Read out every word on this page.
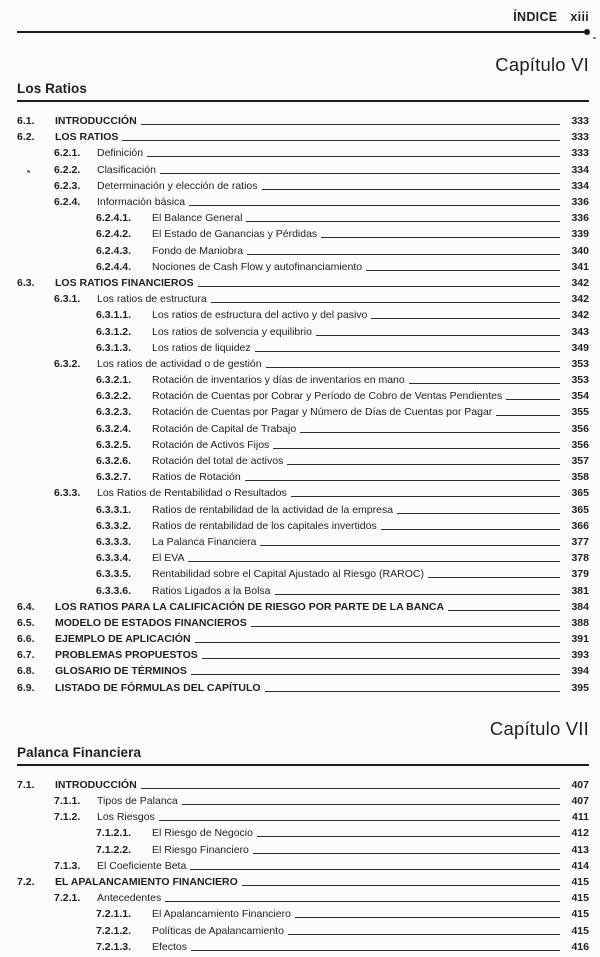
ÍNDICE xiii
Capítulo VI
Los Ratios
6.1.	INTRODUCCIÓN	333
6.2.	LOS RATIOS	333
6.2.1.	Definición	333
6.2.2.	Clasificación	334
6.2.3.	Determinación y elección de ratios	334
6.2.4.	Información básica	336
6.2.4.1.	El Balance General	336
6.2.4.2.	El Estado de Ganancias y Pérdidas	339
6.2.4.3.	Fondo de Maniobra	340
6.2.4.4.	Nociones de Cash Flow y autofinanciamiento	341
6.3.	LOS RATIOS FINANCIEROS	342
6.3.1.	Los ratios de estructura	342
6.3.1.1.	Los ratios de estructura del activo y del pasivo	342
6.3.1.2.	Los ratios de solvencia y equilibrio	343
6.3.1.3.	Los ratios de liquidez	349
6.3.2.	Los ratios de actividad o de gestión	353
6.3.2.1.	Rotación de inventarios y días de inventarios en mano	353
6.3.2.2.	Rotación de Cuentas por Cobrar y Período de Cobro de Ventas Pendientes	354
6.3.2.3.	Rotación de Cuentas por Pagar y Número de Días de Cuentas por Pagar	355
6.3.2.4.	Rotación de Capital de Trabajo	356
6.3.2.5.	Rotación de Activos Fijos	356
6.3.2.6.	Rotación del total de activos	357
6.3.2.7.	Ratios de Rotación	358
6.3.3.	Los Ratios de Rentabilidad o Resultados	365
6.3.3.1.	Ratios de rentabilidad de la actividad de la empresa	365
6.3.3.2.	Ratios de rentabilidad de los capitales invertidos	366
6.3.3.3.	La Palanca Financiera	377
6.3.3.4.	El EVA	378
6.3.3.5.	Rentabilidad sobre el Capital Ajustado al Riesgo (RAROC)	379
6.3.3.6.	Ratios Ligados a la Bolsa	381
6.4.	LOS RATIOS PARA LA CALIFICACIÓN DE RIESGO POR PARTE DE LA BANCA	384
6.5.	MODELO DE ESTADOS FINANCIEROS	388
6.6.	EJEMPLO DE APLICACIÓN	391
6.7.	PROBLEMAS PROPUESTOS	393
6.8.	GLOSARIO DE TÉRMINOS	394
6.9.	LISTADO DE FÓRMULAS DEL CAPÍTULO	395
Capítulo VII
Palanca Financiera
7.1.	INTRODUCCIÓN	407
7.1.1.	Tipos de Palanca	407
7.1.2.	Los Riesgos	411
7.1.2.1.	El Riesgo de Negocio	412
7.1.2.2.	El Riesgo Financiero	413
7.1.3.	El Coeficiente Beta	414
7.2.	EL APALANCAMIENTO FINANCIERO	415
7.2.1.	Antecedentes	415
7.2.1.1.	El Apalancamiento Financiero	415
7.2.1.2.	Políticas de Apalancamiento	415
7.2.1.3.	Efectos	416
